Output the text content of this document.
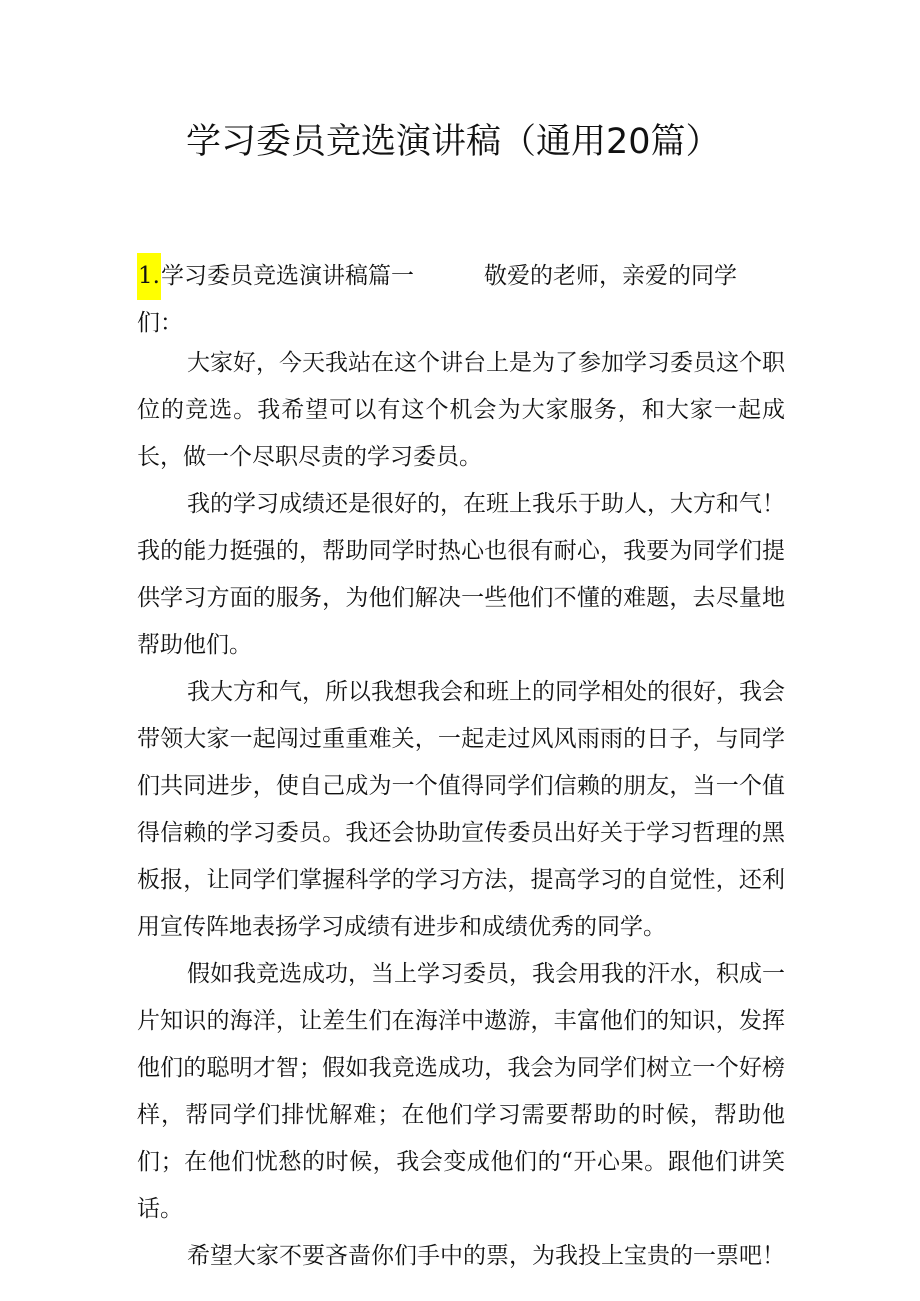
学习委员竞选演讲稿（通用20篇）
1.学习委员竞选演讲稿篇一	敬爱的老师，亲爱的同学
们：

大家好，今天我站在这个讲台上是为了参加学习委员这个职位的竞选。我希望可以有这个机会为大家服务，和大家一起成长，做一个尽职尽责的学习委员。

我的学习成绩还是很好的，在班上我乐于助人，大方和气！我的能力挺强的，帮助同学时热心也很有耐心，我要为同学们提供学习方面的服务，为他们解决一些他们不懂的难题，去尽量地帮助他们。

我大方和气，所以我想我会和班上的同学相处的很好，我会带领大家一起闯过重重难关，一起走过风风雨雨的日子，与同学们共同进步，使自己成为一个值得同学们信赖的朋友，当一个值得信赖的学习委员。我还会协助宣传委员出好关于学习哲理的黑板报，让同学们掌握科学的学习方法，提高学习的自觉性，还利用宣传阵地表扬学习成绩有进步和成绩优秀的同学。

假如我竞选成功，当上学习委员，我会用我的汗水，积成一片知识的海洋，让差生们在海洋中遨游，丰富他们的知识，发挥他们的聪明才智；假如我竞选成功，我会为同学们树立一个好榜样，帮同学们排忧解难；在他们学习需要帮助的时候，帮助他们；在他们忧愁的时候，我会变成他们的“开心果。跟他们讲笑话。

希望大家不要吝啬你们手中的票，为我投上宝贵的一票吧！
